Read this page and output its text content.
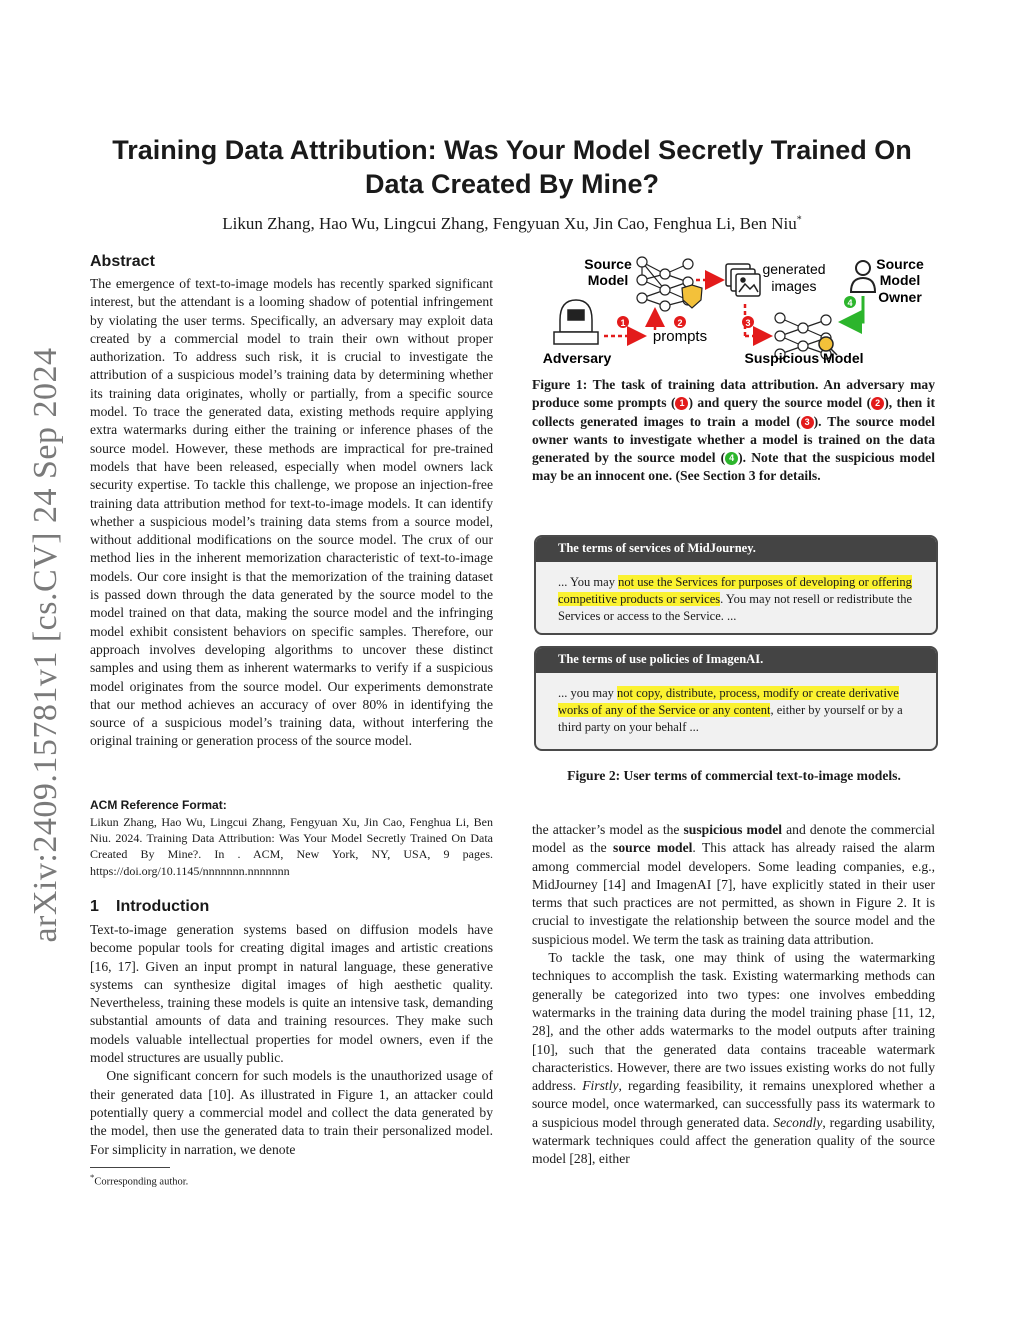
arXiv:2409.15781v1 [cs.CV] 24 Sep 2024
Training Data Attribution: Was Your Model Secretly Trained On
Data Created By Mine?
Likun Zhang, Hao Wu, Lingcui Zhang, Fengyuan Xu, Jin Cao, Fenghua Li, Ben Niu*
Abstract

The emergence of text-to-image models has recently sparked significant interest, but the attendant is a looming shadow of potential infringement by violating the user terms. Specifically, an adversary may exploit data created by a commercial model to train their own without proper authorization. To address such risk, it is crucial to investigate the attribution of a suspicious model’s training data by determining whether its training data originates, wholly or partially, from a specific source model. To trace the generated data, existing methods require applying extra watermarks during either the training or inference phases of the source model. However, these methods are impractical for pre-trained models that have been released, especially when model owners lack security expertise. To tackle this challenge, we propose an injection-free training data attribution method for text-to-image models. It can identify whether a suspicious model’s training data stems from a source model, without additional modifications on the source model. The crux of our method lies in the inherent memorization characteristic of text-to-image models. Our core insight is that the memorization of the training dataset is passed down through the data generated by the source model to the model trained on that data, making the source model and the infringing model exhibit consistent behaviors on specific samples. Therefore, our approach involves developing algorithms to uncover these distinct samples and using them as inherent watermarks to verify if a suspicious model originates from the source model. Our experiments demonstrate that our method achieves an accuracy of over 80% in identifying the source of a suspicious model’s training data, without interfering the original training or generation process of the source model.

ACM Reference Format:
Likun Zhang, Hao Wu, Lingcui Zhang, Fengyuan Xu, Jin Cao, Fenghua Li, Ben Niu. 2024. Training Data Attribution: Was Your Model Secretly Trained On Data Created By Mine?. In . ACM, New York, NY, USA, 9 pages. https://doi.org/10.1145/nnnnnnn.nnnnnnn
1 Introduction

Text-to-image generation systems based on diffusion models have become popular tools for creating digital images and artistic creations [16, 17]. Given an input prompt in natural language, these generative systems can synthesize digital images of high aesthetic quality. Nevertheless, training these models is quite an intensive task, demanding substantial amounts of data and training resources. They make such models valuable intellectual properties for model owners, even if the model structures are usually public.

One significant concern for such models is the unauthorized usage of their generated data [10]. As illustrated in Figure 1, an attacker could potentially query a commercial model and collect the data generated by the model, then use the generated data to train their personalized model. For simplicity in narration, we denote

*Corresponding author.
Source
Model
generated
images
Source
Model
Owner
Adversary
1	2
prompts
3
Suspicious Model
4
Figure 1: The task of training data attribution. An adversary may produce some prompts ( 1 ) and query the source model ( 2 ), then it collects generated images to train a model ( 3 ). The source model owner wants to investigate whether a model is trained on the data generated by the source model ( 4 ). Note that the suspicious model may be an innocent one. (See Section 3 for details.
The terms of services of MidJourney.
... You may not use the Services for purposes of developing or offering competitive products or services. You may not resell or redistribute the Services or access to the Service. ...
The terms of use policies of ImagenAI.
... you may not copy, distribute, process, modify or create derivative works of any of the Service or any content, either by yourself or by a third party on your behalf ...
Figure 2: User terms of commercial text-to-image models.

the attacker’s model as the suspicious model and denote the commercial model as the source model. This attack has already raised the alarm among commercial model developers. Some leading companies, e.g., MidJourney [14] and ImagenAI [7], have explicitly stated in their user terms that such practices are not permitted, as shown in Figure 2. It is crucial to investigate the relationship between the source model and the suspicious model. We term the task as training data attribution.

To tackle the task, one may think of using the watermarking techniques to accomplish the task. Existing watermarking methods can generally be categorized into two types: one involves embedding watermarks in the training data during the model training phase [11, 12, 28], and the other adds watermarks to the model outputs after training [10], such that the generated data contains traceable watermark characteristics. However, there are two issues existing works do not fully address. Firstly, regarding feasibility, it remains unexplored whether a source model, once watermarked, can successfully pass its watermark to a suspicious model through generated data. Secondly, regarding usability, watermark techniques could affect the generation quality of the source model [28], either
